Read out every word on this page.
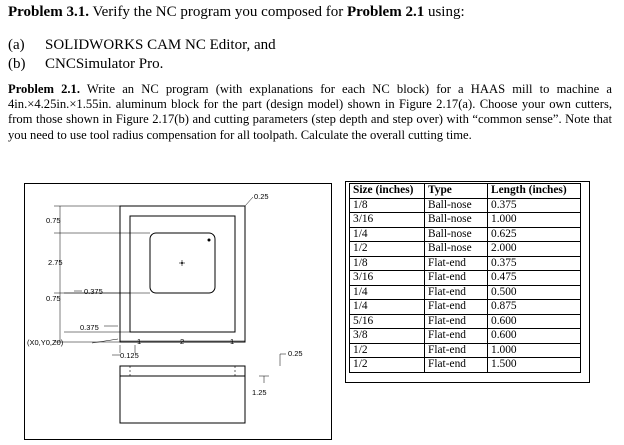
Problem 3.1. Verify the NC program you composed for Problem 2.1 using:
(a) SOLIDWORKS CAM NC Editor, and
(b) CNCSimulator Pro.
Problem 2.1. Write an NC program (with explanations for each NC block) for a HAAS mill to machine a 4in.×4.25in.×1.55in. aluminum block for the part (design model) shown in Figure 2.17(a). Choose your own cutters, from those shown in Figure 2.17(b) and cutting parameters (step depth and step over) with “common sense”. Note that you need to use tool radius compensation for all toolpath. Calculate the overall cutting time.
0.75
2.75
0.375
0.75
0.25
0.375
(X0,Y0,Z0)	1	2	1
0.125	0.25
1.25
Size (inches)	Type	Length (inches)
1/8	Ball-nose	0.375
3/16	Ball-nose	1.000
1/4	Ball-nose	0.625
1/2	Ball-nose	2.000
1/8	Flat-end	0.375
3/16	Flat-end	0.475
1/4	Flat-end	0.500
1/4	Flat-end	0.875
5/16	Flat-end	0.600
3/8	Flat-end	0.600
1/2	Flat-end	1.000
1/2	Flat-end	1.500
